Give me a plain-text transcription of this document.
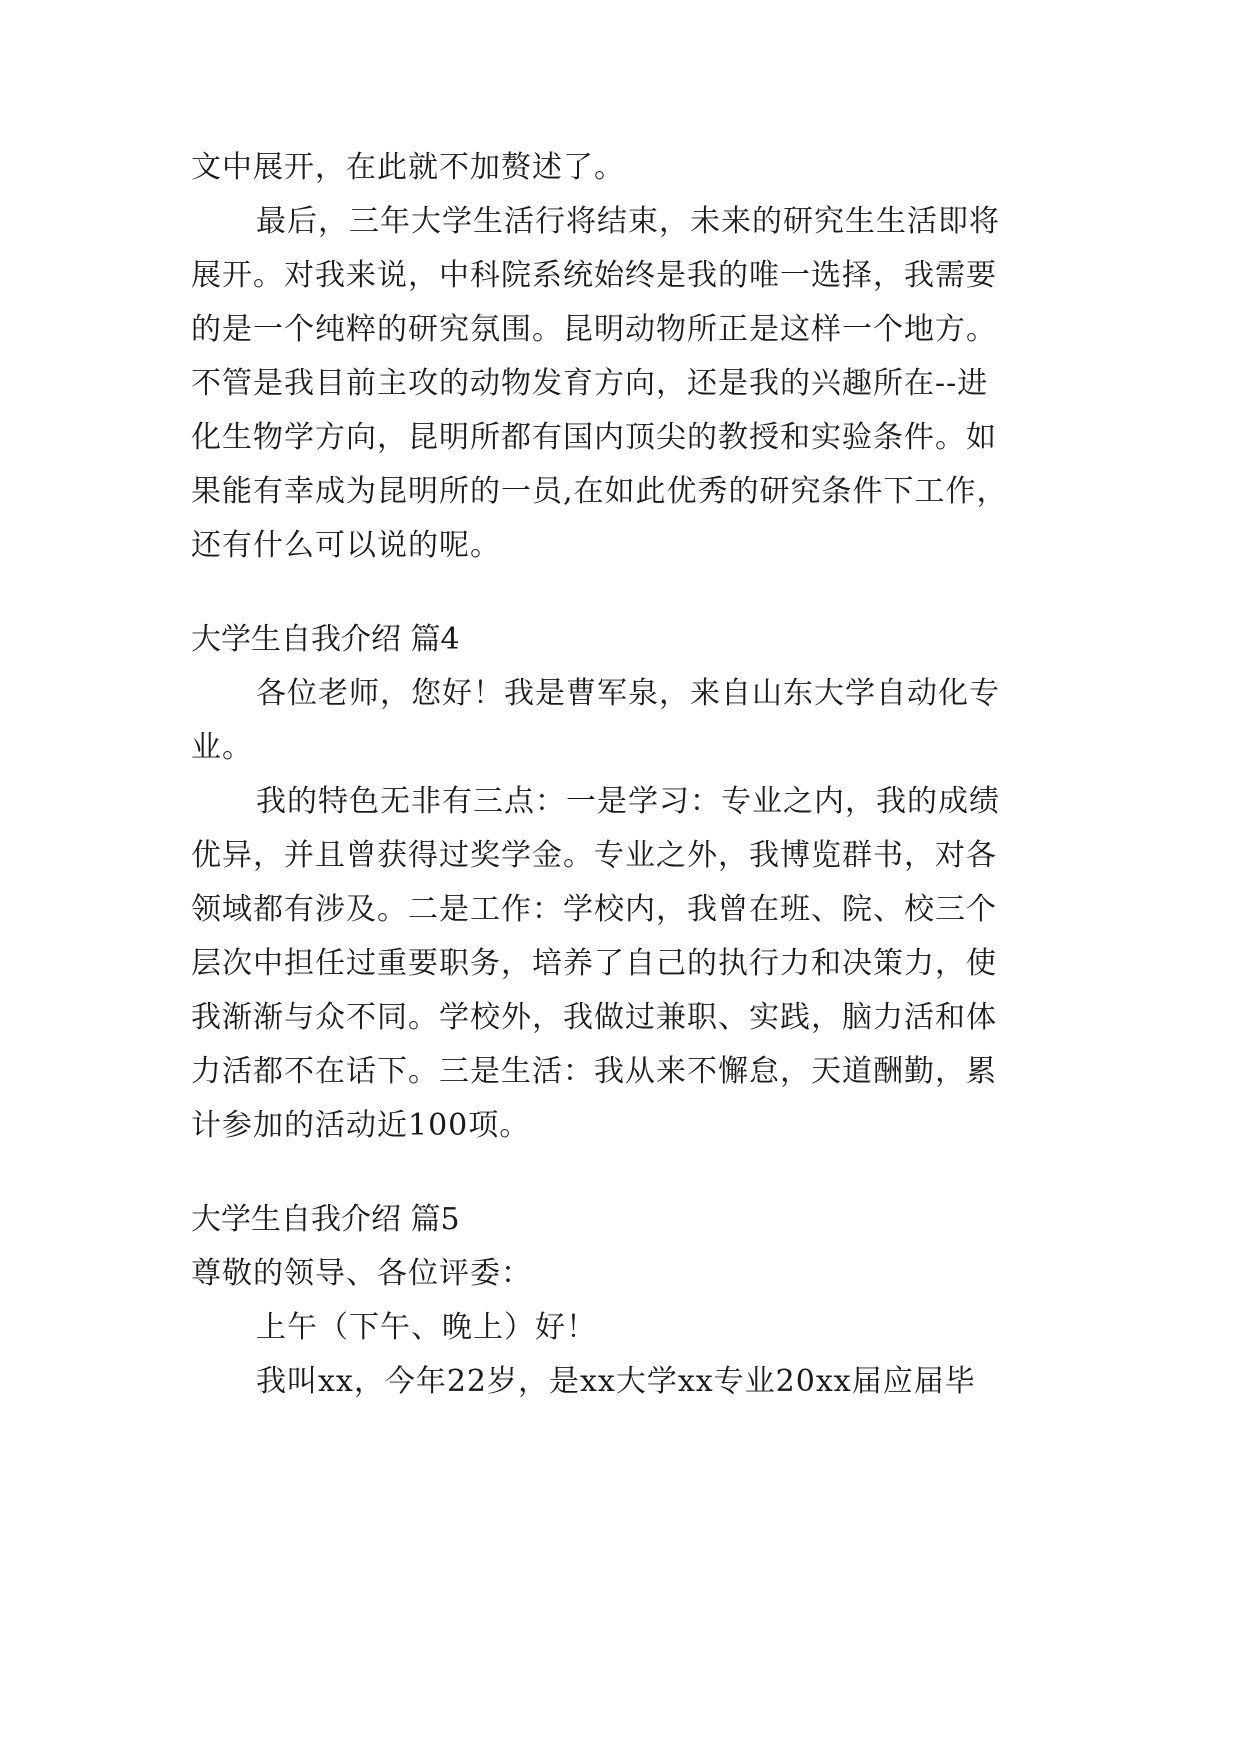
文中展开，在此就不加赘述了。
最后，三年大学生活行将结束，未来的研究生生活即将
展开。对我来说，中科院系统始终是我的唯一选择，我需要
的是一个纯粹的研究氛围。昆明动物所正是这样一个地方。
不管是我目前主攻的动物发育方向，还是我的兴趣所在--进
化生物学方向，昆明所都有国内顶尖的教授和实验条件。如
果能有幸成为昆明所的一员,在如此优秀的研究条件下工作，
还有什么可以说的呢。
大学生自我介绍 篇4
各位老师，您好！我是曹军泉，来自山东大学自动化专
业。
我的特色无非有三点：一是学习：专业之内，我的成绩
优异，并且曾获得过奖学金。专业之外，我博览群书，对各
领域都有涉及。二是工作：学校内，我曾在班、院、校三个
层次中担任过重要职务，培养了自己的执行力和决策力，使
我渐渐与众不同。学校外，我做过兼职、实践，脑力活和体
力活都不在话下。三是生活：我从来不懈怠，天道酬勤，累
计参加的活动近100项。
大学生自我介绍 篇5
尊敬的领导、各位评委：
上午（下午、晚上）好！
我叫xx，今年22岁，是xx大学xx专业20xx届应届毕
